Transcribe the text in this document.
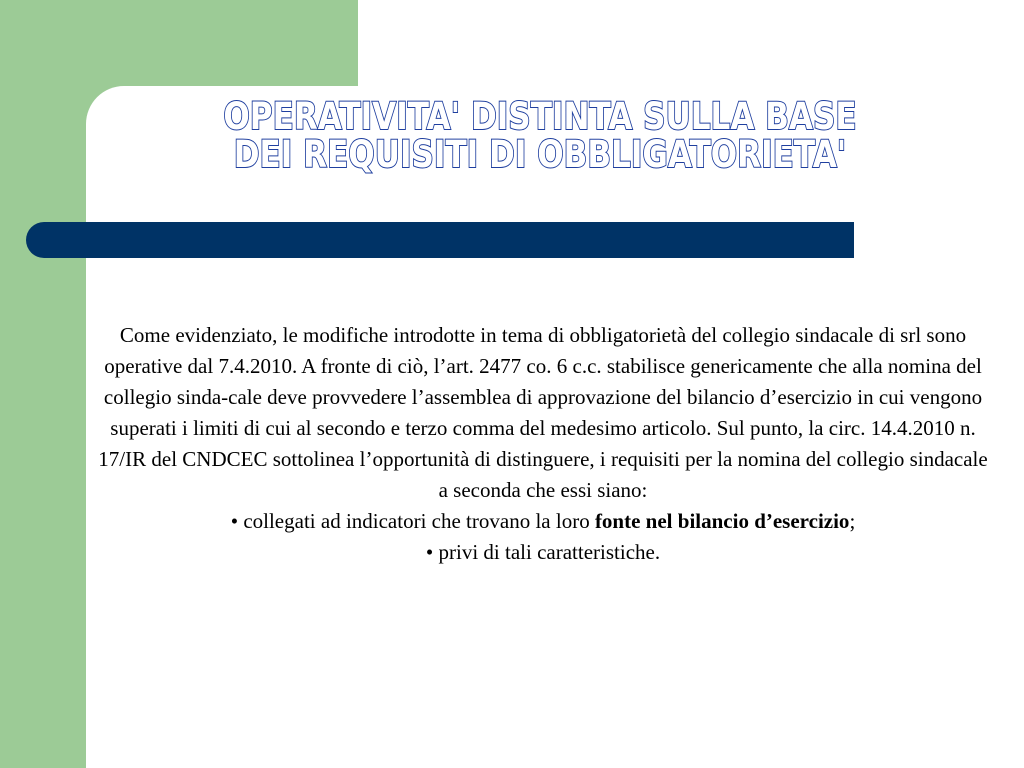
OPERATIVITA' DISTINTA SULLA BASE
DEI REQUISITI DI OBBLIGATORIETA'

Come evidenziato, le modifiche introdotte in tema di obbligatorietà del collegio sindacale di srl sono operative dal 7.4.2010. A fronte di ciò, l’art. 2477 co. 6 c.c. stabilisce genericamente che alla nomina del collegio sinda-cale deve provvedere l’assemblea di approvazione del bilancio d’esercizio in cui vengono superati i limiti di cui al secondo e terzo comma del medesimo articolo. Sul punto, la circ. 14.4.2010 n. 17/IR del CNDCEC sottolinea l’opportunità di distinguere, i requisiti per la nomina del collegio sindacale a seconda che essi siano:

• collegati ad indicatori che trovano la loro fonte nel bilancio d’esercizio;

• privi di tali caratteristiche.
